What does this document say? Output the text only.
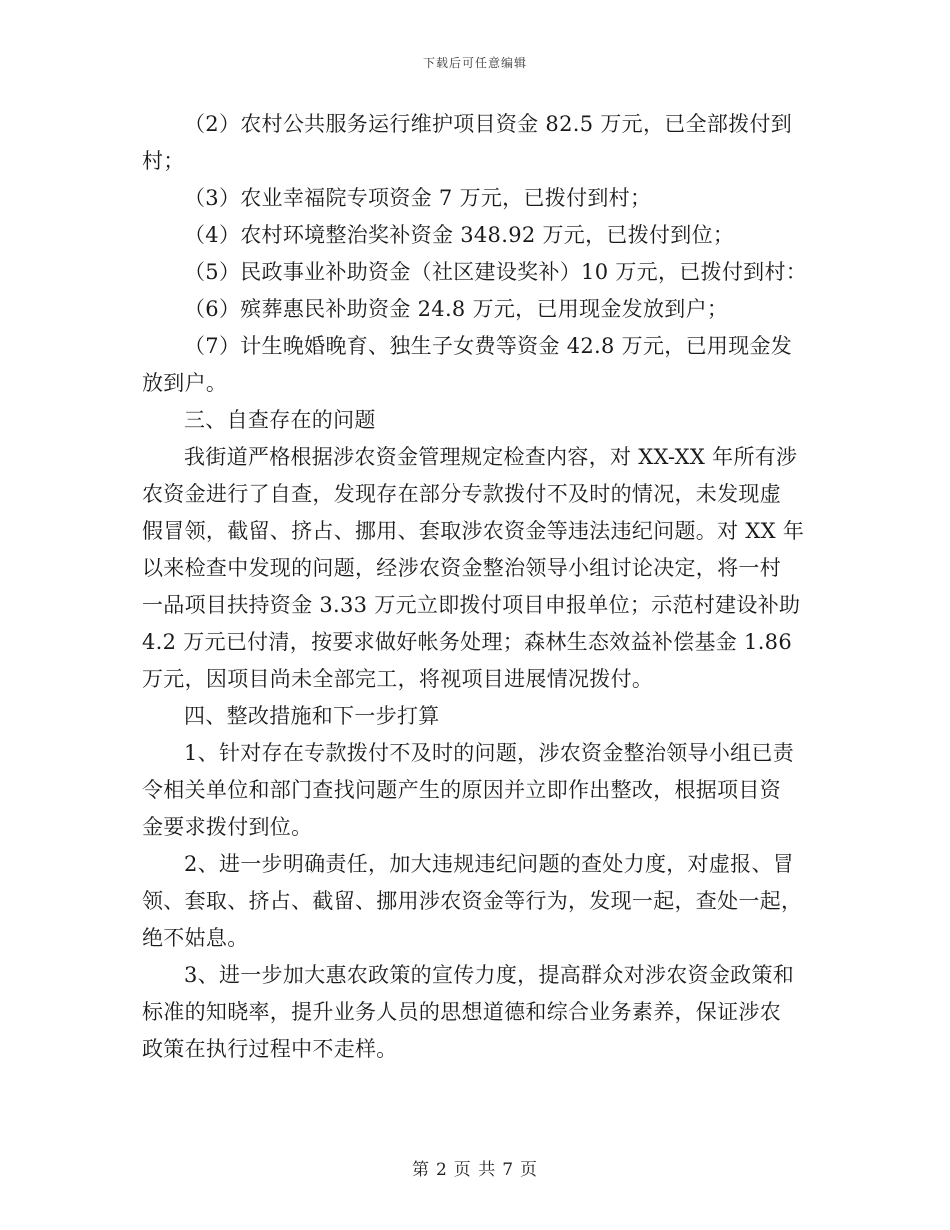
下载后可任意编辑
（2）农村公共服务运行维护项目资金 82.5 万元，已全部拨付到
村；
（3）农业幸福院专项资金 7 万元，已拨付到村；
（4）农村环境整治奖补资金 348.92 万元，已拨付到位；
（5）民政事业补助资金（社区建设奖补）10 万元，已拨付到村：
（6）殡葬惠民补助资金 24.8 万元，已用现金发放到户；
（7）计生晚婚晚育、独生子女费等资金 42.8 万元，已用现金发
放到户。
三、自查存在的问题
我街道严格根据涉农资金管理规定检查内容，对 XX-XX 年所有涉
农资金进行了自查，发现存在部分专款拨付不及时的情况，未发现虚
假冒领，截留、挤占、挪用、套取涉农资金等违法违纪问题。对 XX 年
以来检查中发现的问题，经涉农资金整治领导小组讨论决定，将一村
一品项目扶持资金 3.33 万元立即拨付项目申报单位；示范村建设补助
4.2 万元已付清，按要求做好帐务处理；森林生态效益补偿基金 1.86
万元，因项目尚未全部完工，将视项目进展情况拨付。
四、整改措施和下一步打算
1、针对存在专款拨付不及时的问题，涉农资金整治领导小组已责
令相关单位和部门查找问题产生的原因并立即作出整改，根据项目资
金要求拨付到位。
2、进一步明确责任，加大违规违纪问题的查处力度，对虚报、冒
领、套取、挤占、截留、挪用涉农资金等行为，发现一起，查处一起，
绝不姑息。
3、进一步加大惠农政策的宣传力度，提高群众对涉农资金政策和
标准的知晓率，提升业务人员的思想道德和综合业务素养，保证涉农
政策在执行过程中不走样。
第 2 页 共 7 页
